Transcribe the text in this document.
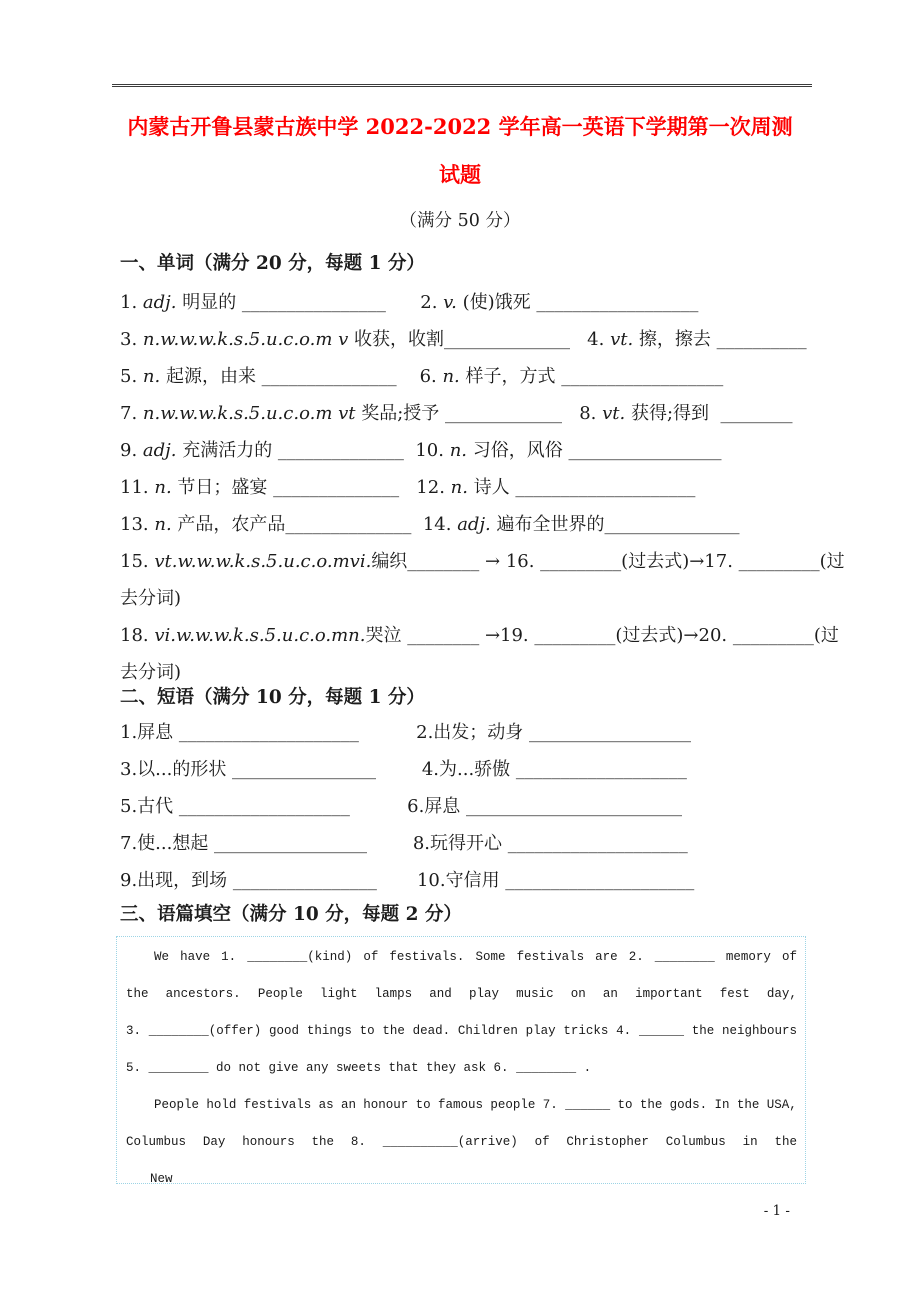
内蒙古开鲁县蒙古族中学 2022-2022 学年高一英语下学期第一次周测
试题
（满分 50 分）
一、单词（满分 20 分，每题 1 分）
1. adj. 明显的 ________________      2. v. (使)饿死 __________________
3. n.w.w.w.k.s.5.u.c.o.m v 收获，收割______________   4. vt. 擦，擦去 __________
5. n. 起源，由来 _______________    6. n. 样子，方式 __________________
7. n.w.w.w.k.s.5.u.c.o.m vt 奖品;授予 _____________   8. vt. 获得;得到  ________
9. adj. 充满活力的 ______________  10. n. 习俗，风俗 _________________
11. n. 节日；盛宴 ______________   12. n. 诗人 ____________________
13. n. 产品，农产品______________  14. adj. 遍布全世界的_______________
15. vt.w.w.w.k.s.5.u.c.o.mvi.编织________ → 16. _________(过去式)→17. _________(过
去分词)
18. vi.w.w.w.k.s.5.u.c.o.mn.哭泣 ________ →19. _________(过去式)→20. _________(过
去分词)
二、短语（满分 10 分，每题 1 分）
1.屏息 ____________________          2.出发；动身 __________________
3.以...的形状 ________________        4.为...骄傲 ___________________
5.古代 ___________________          6.屏息 ________________________
7.使...想起 _________________        8.玩得开心 ____________________
9.出现，到场 ________________       10.守信用 _____________________
三、语篇填空（满分 10 分，每题 2 分）
We have 1. ________(kind) of festivals. Some festivals are 2. ________ memory of
the ancestors. People light lamps and play music on an important fest day,
3. ________(offer) good things to the dead. Children play tricks 4. ______ the neighbours
5. ________ do not give any sweets that they ask 6. ________ .
People hold festivals as an honour to famous people 7. ______ to the gods. In the USA,
Columbus Day honours the 8. __________(arrive) of Christopher Columbus in the
New
- 1 -
